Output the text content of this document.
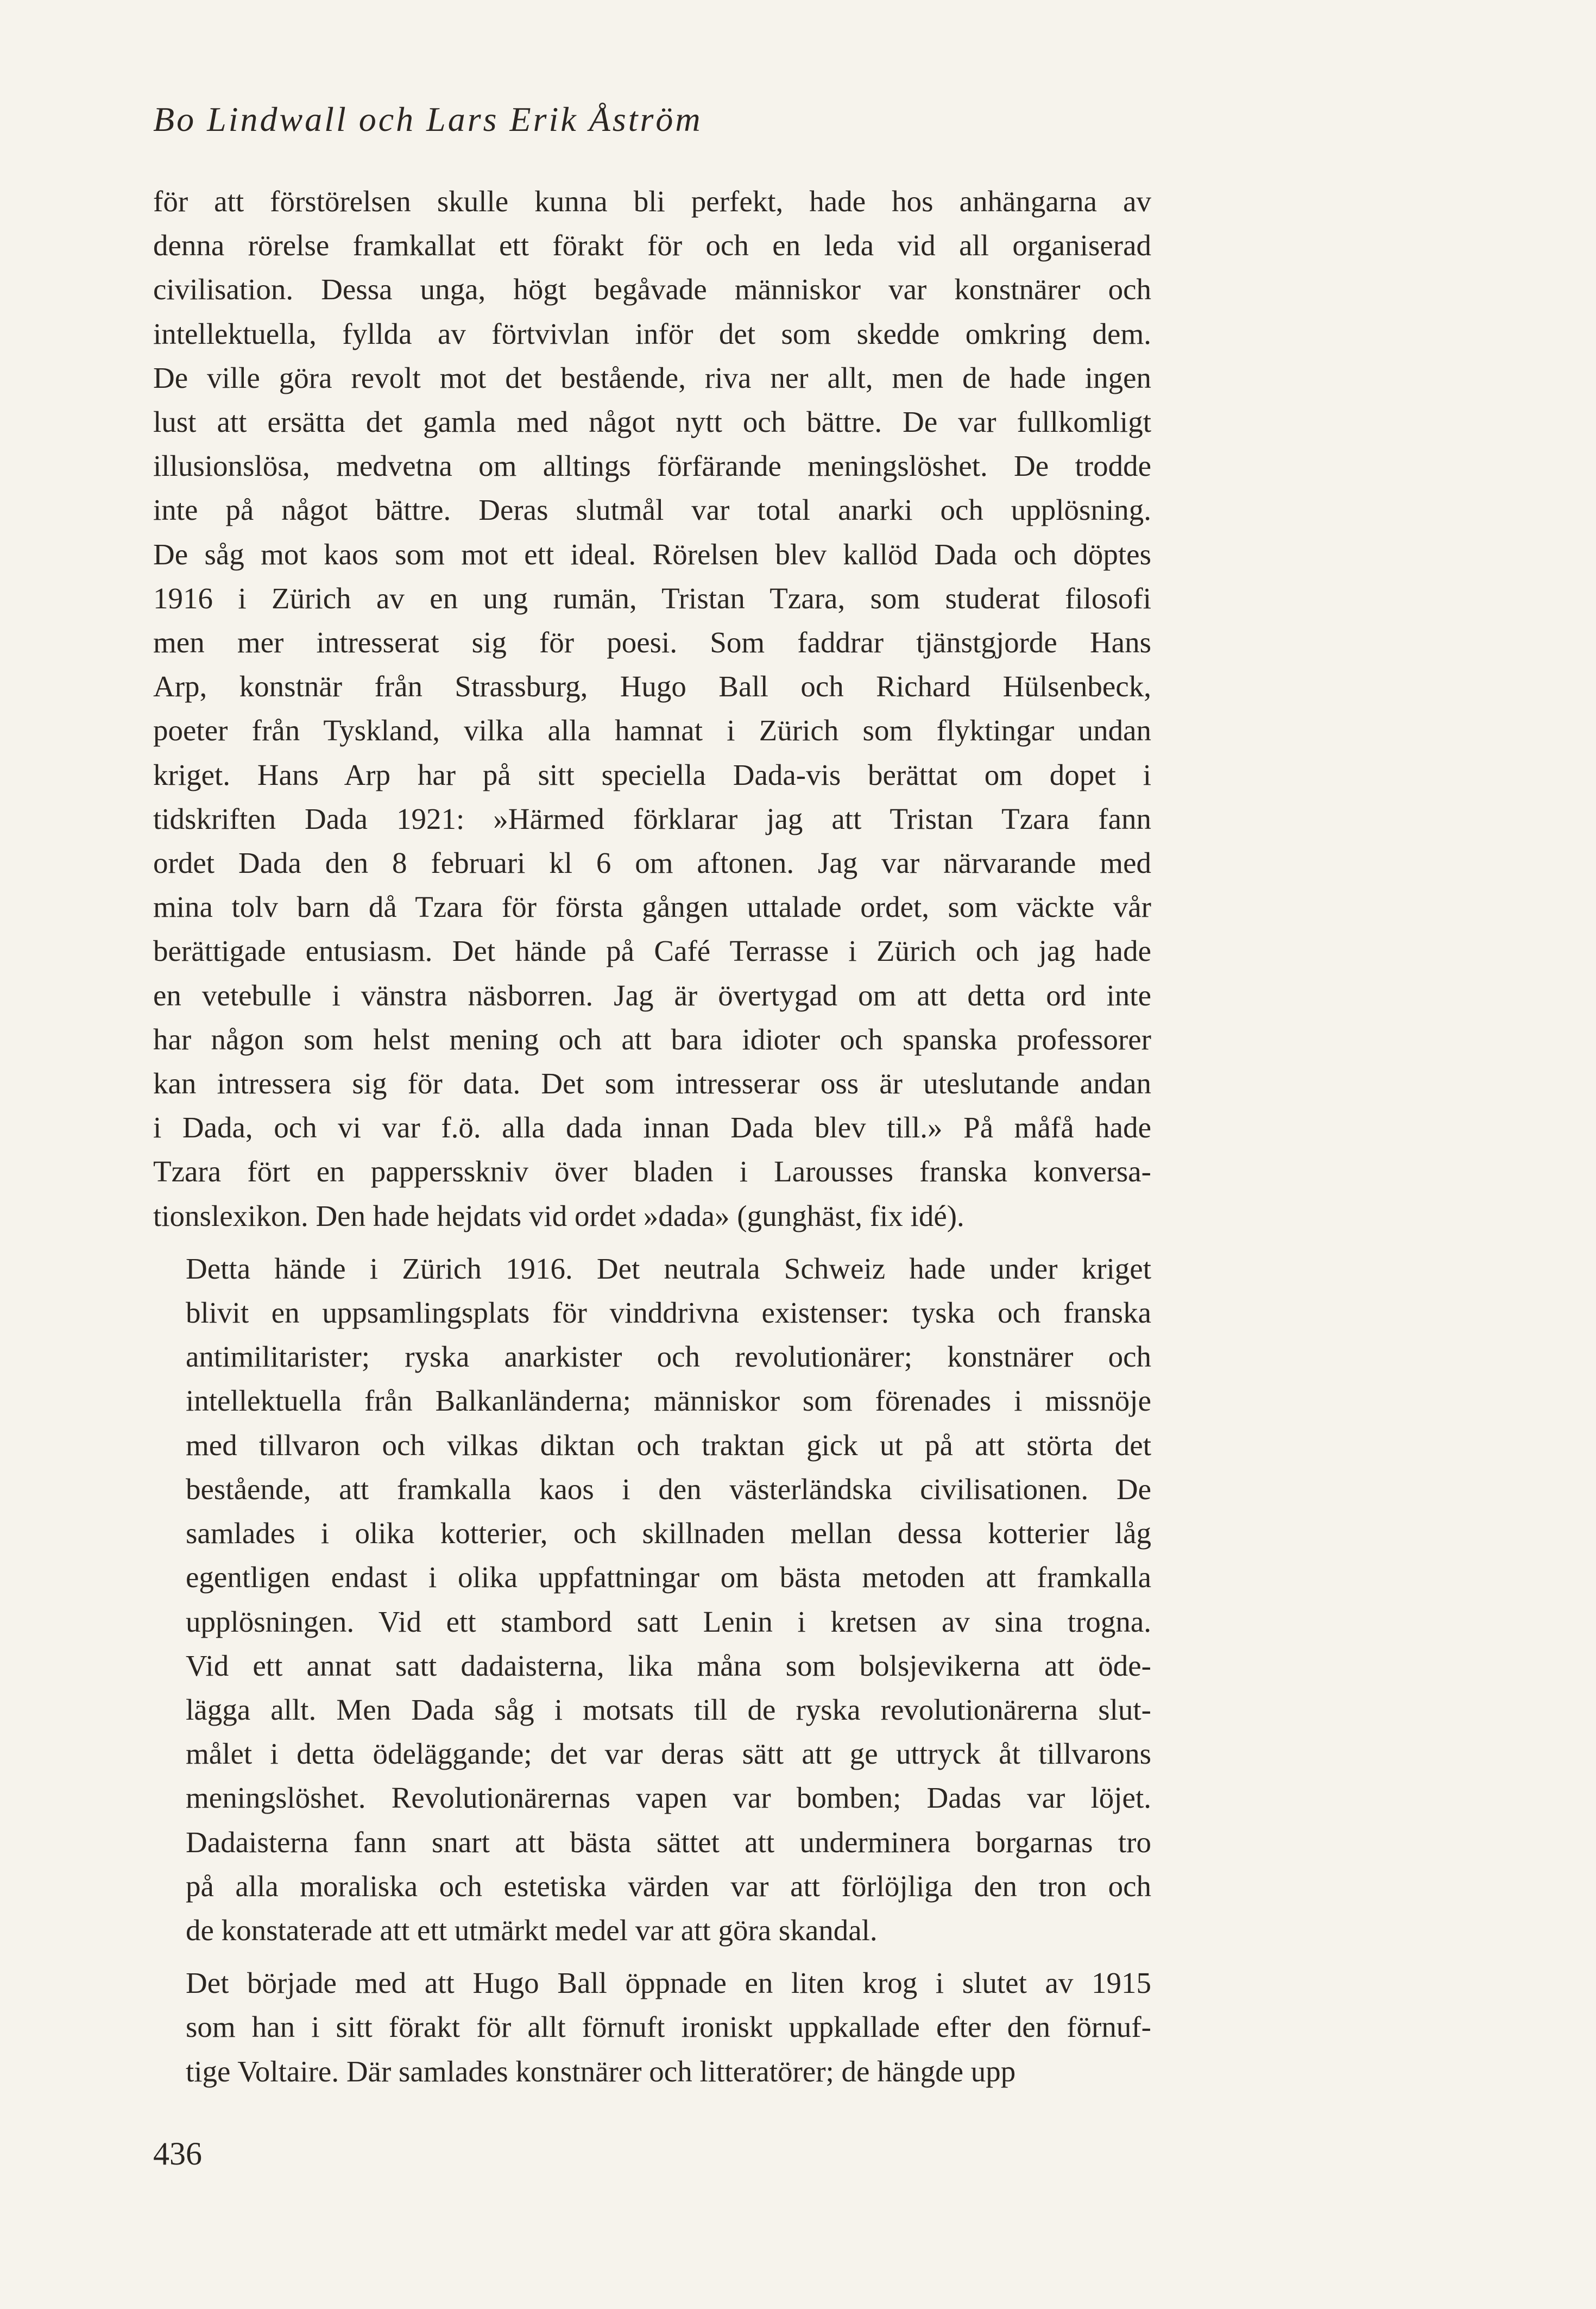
Bo Lindwall och Lars Erik Åström

för att förstörelsen skulle kunna bli perfekt, hade hos anhängarna av
denna rörelse framkallat ett förakt för och en leda vid all organiserad
civilisation. Dessa unga, högt begåvade människor var konstnärer och
intellektuella, fyllda av förtvivlan inför det som skedde omkring dem.
De ville göra revolt mot det bestående, riva ner allt, men de hade ingen
lust att ersätta det gamla med något nytt och bättre. De var fullkomligt
illusionslösa, medvetna om alltings förfärande meningslöshet. De trodde
inte på något bättre. Deras slutmål var total anarki och upplösning.
De såg mot kaos som mot ett ideal. Rörelsen blev kallöd Dada och döptes
1916 i Zürich av en ung rumän, Tristan Tzara, som studerat filosofi
men mer intresserat sig för poesi. Som faddrar tjänstgjorde Hans
Arp, konstnär från Strassburg, Hugo Ball och Richard Hülsenbeck,
poeter från Tyskland, vilka alla hamnat i Zürich som flyktingar undan
kriget. Hans Arp har på sitt speciella Dada-vis berättat om dopet i
tidskriften Dada 1921: »Härmed förklarar jag att Tristan Tzara fann
ordet Dada den 8 februari kl 6 om aftonen. Jag var närvarande med
mina tolv barn då Tzara för första gången uttalade ordet, som väckte vår
berättigade entusiasm. Det hände på Café Terrasse i Zürich och jag hade
en vetebulle i vänstra näsborren. Jag är övertygad om att detta ord inte
har någon som helst mening och att bara idioter och spanska professorer
kan intressera sig för data. Det som intresserar oss är uteslutande andan
i Dada, och vi var f.ö. alla dada innan Dada blev till.» På måfå hade
Tzara fört en pappersskniv över bladen i Larousses franska konversa-
tionslexikon. Den hade hejdats vid ordet »dada» (gunghäst, fix idé).

Detta hände i Zürich 1916. Det neutrala Schweiz hade under kriget
blivit en uppsamlingsplats för vinddrivna existenser: tyska och franska
antimilitarister; ryska anarkister och revolutionärer; konstnärer och
intellektuella från Balkanländerna; människor som förenades i missnöje
med tillvaron och vilkas diktan och traktan gick ut på att störta det
bestående, att framkalla kaos i den västerländska civilisationen. De
samlades i olika kotterier, och skillnaden mellan dessa kotterier låg
egentligen endast i olika uppfattningar om bästa metoden att framkalla
upplösningen. Vid ett stambord satt Lenin i kretsen av sina trogna.
Vid ett annat satt dadaisterna, lika måna som bolsjevikerna att öde-
lägga allt. Men Dada såg i motsats till de ryska revolutionärerna slut-
målet i detta ödeläggande; det var deras sätt att ge uttryck åt tillvarons
meningslöshet. Revolutionärernas vapen var bomben; Dadas var löjet.
Dadaisterna fann snart att bästa sättet att underminera borgarnas tro
på alla moraliska och estetiska värden var att förlöjliga den tron och
de konstaterade att ett utmärkt medel var att göra skandal.

Det började med att Hugo Ball öppnade en liten krog i slutet av 1915
som han i sitt förakt för allt förnuft ironiskt uppkallade efter den förnuf-
tige Voltaire. Där samlades konstnärer och litteratörer; de hängde upp

436
